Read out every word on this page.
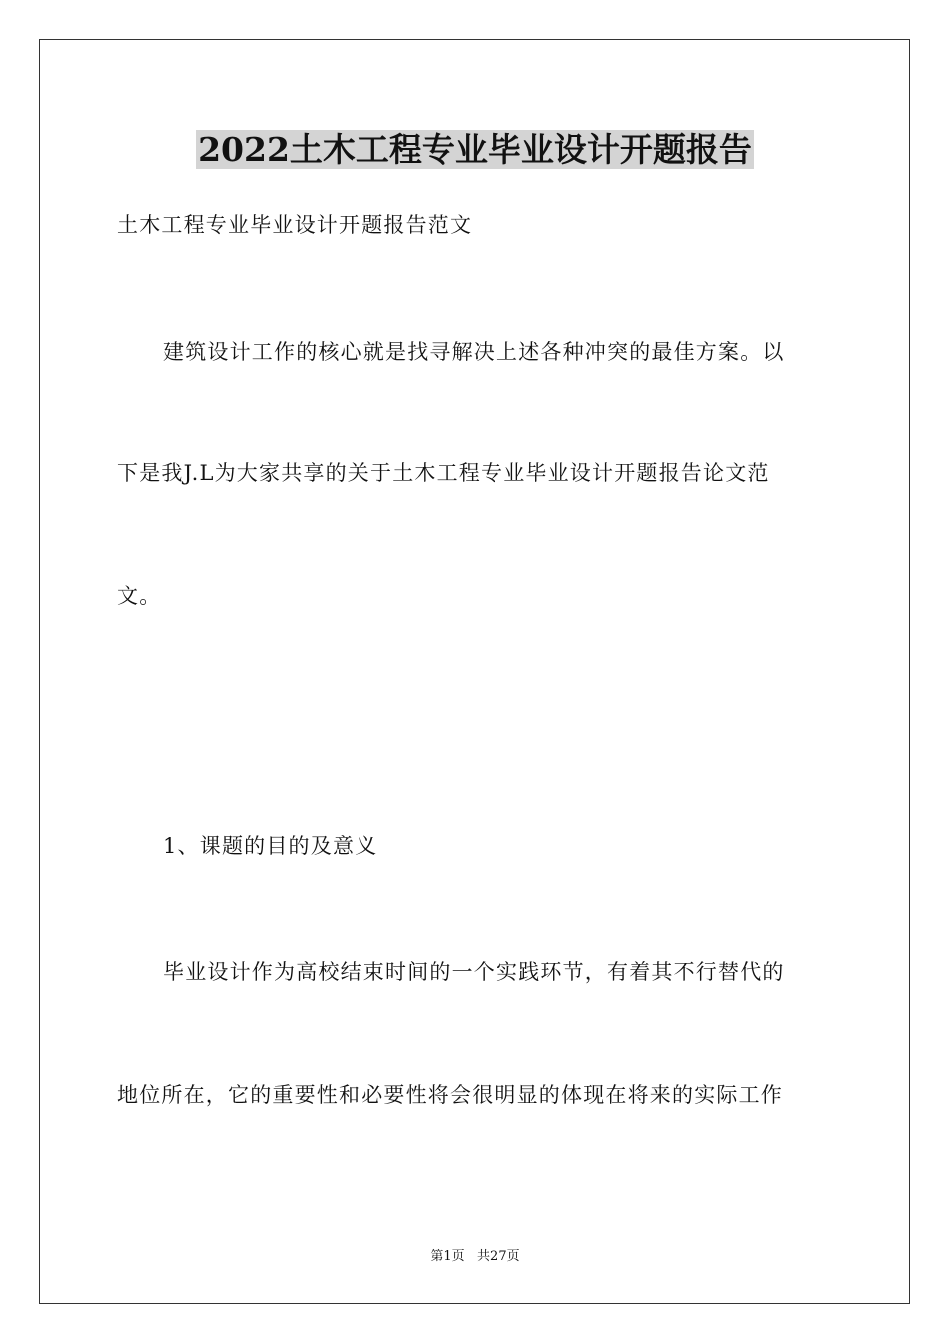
2022土木工程专业毕业设计开题报告
土木工程专业毕业设计开题报告范文
建筑设计工作的核心就是找寻解决上述各种冲突的最佳方案。以
下是我J.L为大家共享的关于土木工程专业毕业设计开题报告论文范
文。
1、课题的目的及意义
毕业设计作为高校结束时间的一个实践环节，有着其不行替代的
地位所在，它的重要性和必要性将会很明显的体现在将来的实际工作
第1页   共27页
